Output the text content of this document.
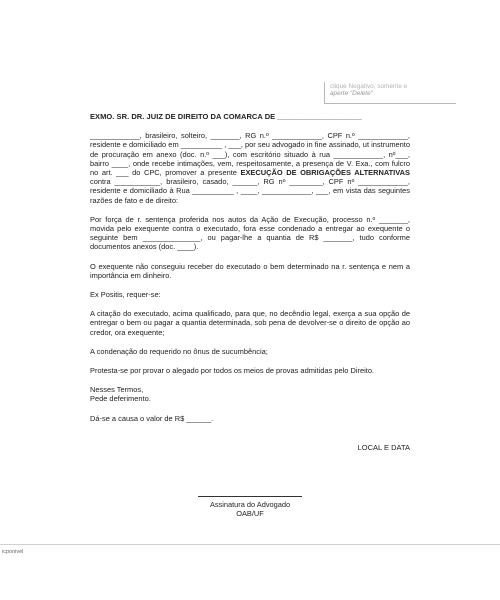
clique Negativo, somente e
aperte "Delete"
EXMO. SR. DR. JUIZ DE DIREITO DA COMARCA DE ____________________

____________, brasileiro, solteiro, _______, RG n.º ____________, CPF n.º ____________, residente e domiciliado em __________ , ___, por seu advogado in fine assinado, ut instrumento de procuração em anexo (doc. n.º ___), com escritório situado à rua ____________, nº___, bairro ____, onde recebe intimações, vem, respeitosamente, a presença de V. Exa., com fulcro no art. ___ do CPC, promover a presente EXECUÇÃO DE OBRIGAÇÕES ALTERNATIVAS contra ___________, brasileiro, casado, ______, RG nº ________, CPF nº ____________, residente e domiciliado à Rua __________ , ____, ____________, ___, em vista das seguintes razões de fato e de direito:

Por força de r. sentença proferida nos autos da Ação de Execução, processo n.º _______, movida pelo exequente contra o executado, fora esse condenado a entregar ao exequente o seguinte bem ______________, ou pagar-lhe a quantia de R$ _______, tudo conforme documentos anexos (doc. ____).

O exequente não conseguiu receber do executado o bem determinado na r. sentença e nem a importância em dinheiro.

Ex Positis, requer-se:

A citação do executado, acima qualificado, para que, no decêndio legal, exerça a sua opção de entregar o bem ou pagar a quantia determinada, sob pena de devolver-se o direito de opção ao credor, ora exequente;

A condenação do requerido no ônus de sucumbência;

Protesta-se por provar o alegado por todos os meios de provas admitidas pelo Direito.

Nesses Termos,
Pede deferimento.

Dá-se a causa o valor de R$ ______.

LOCAL E DATA
Assinatura do Advogado
OAB/UF
icponivel
